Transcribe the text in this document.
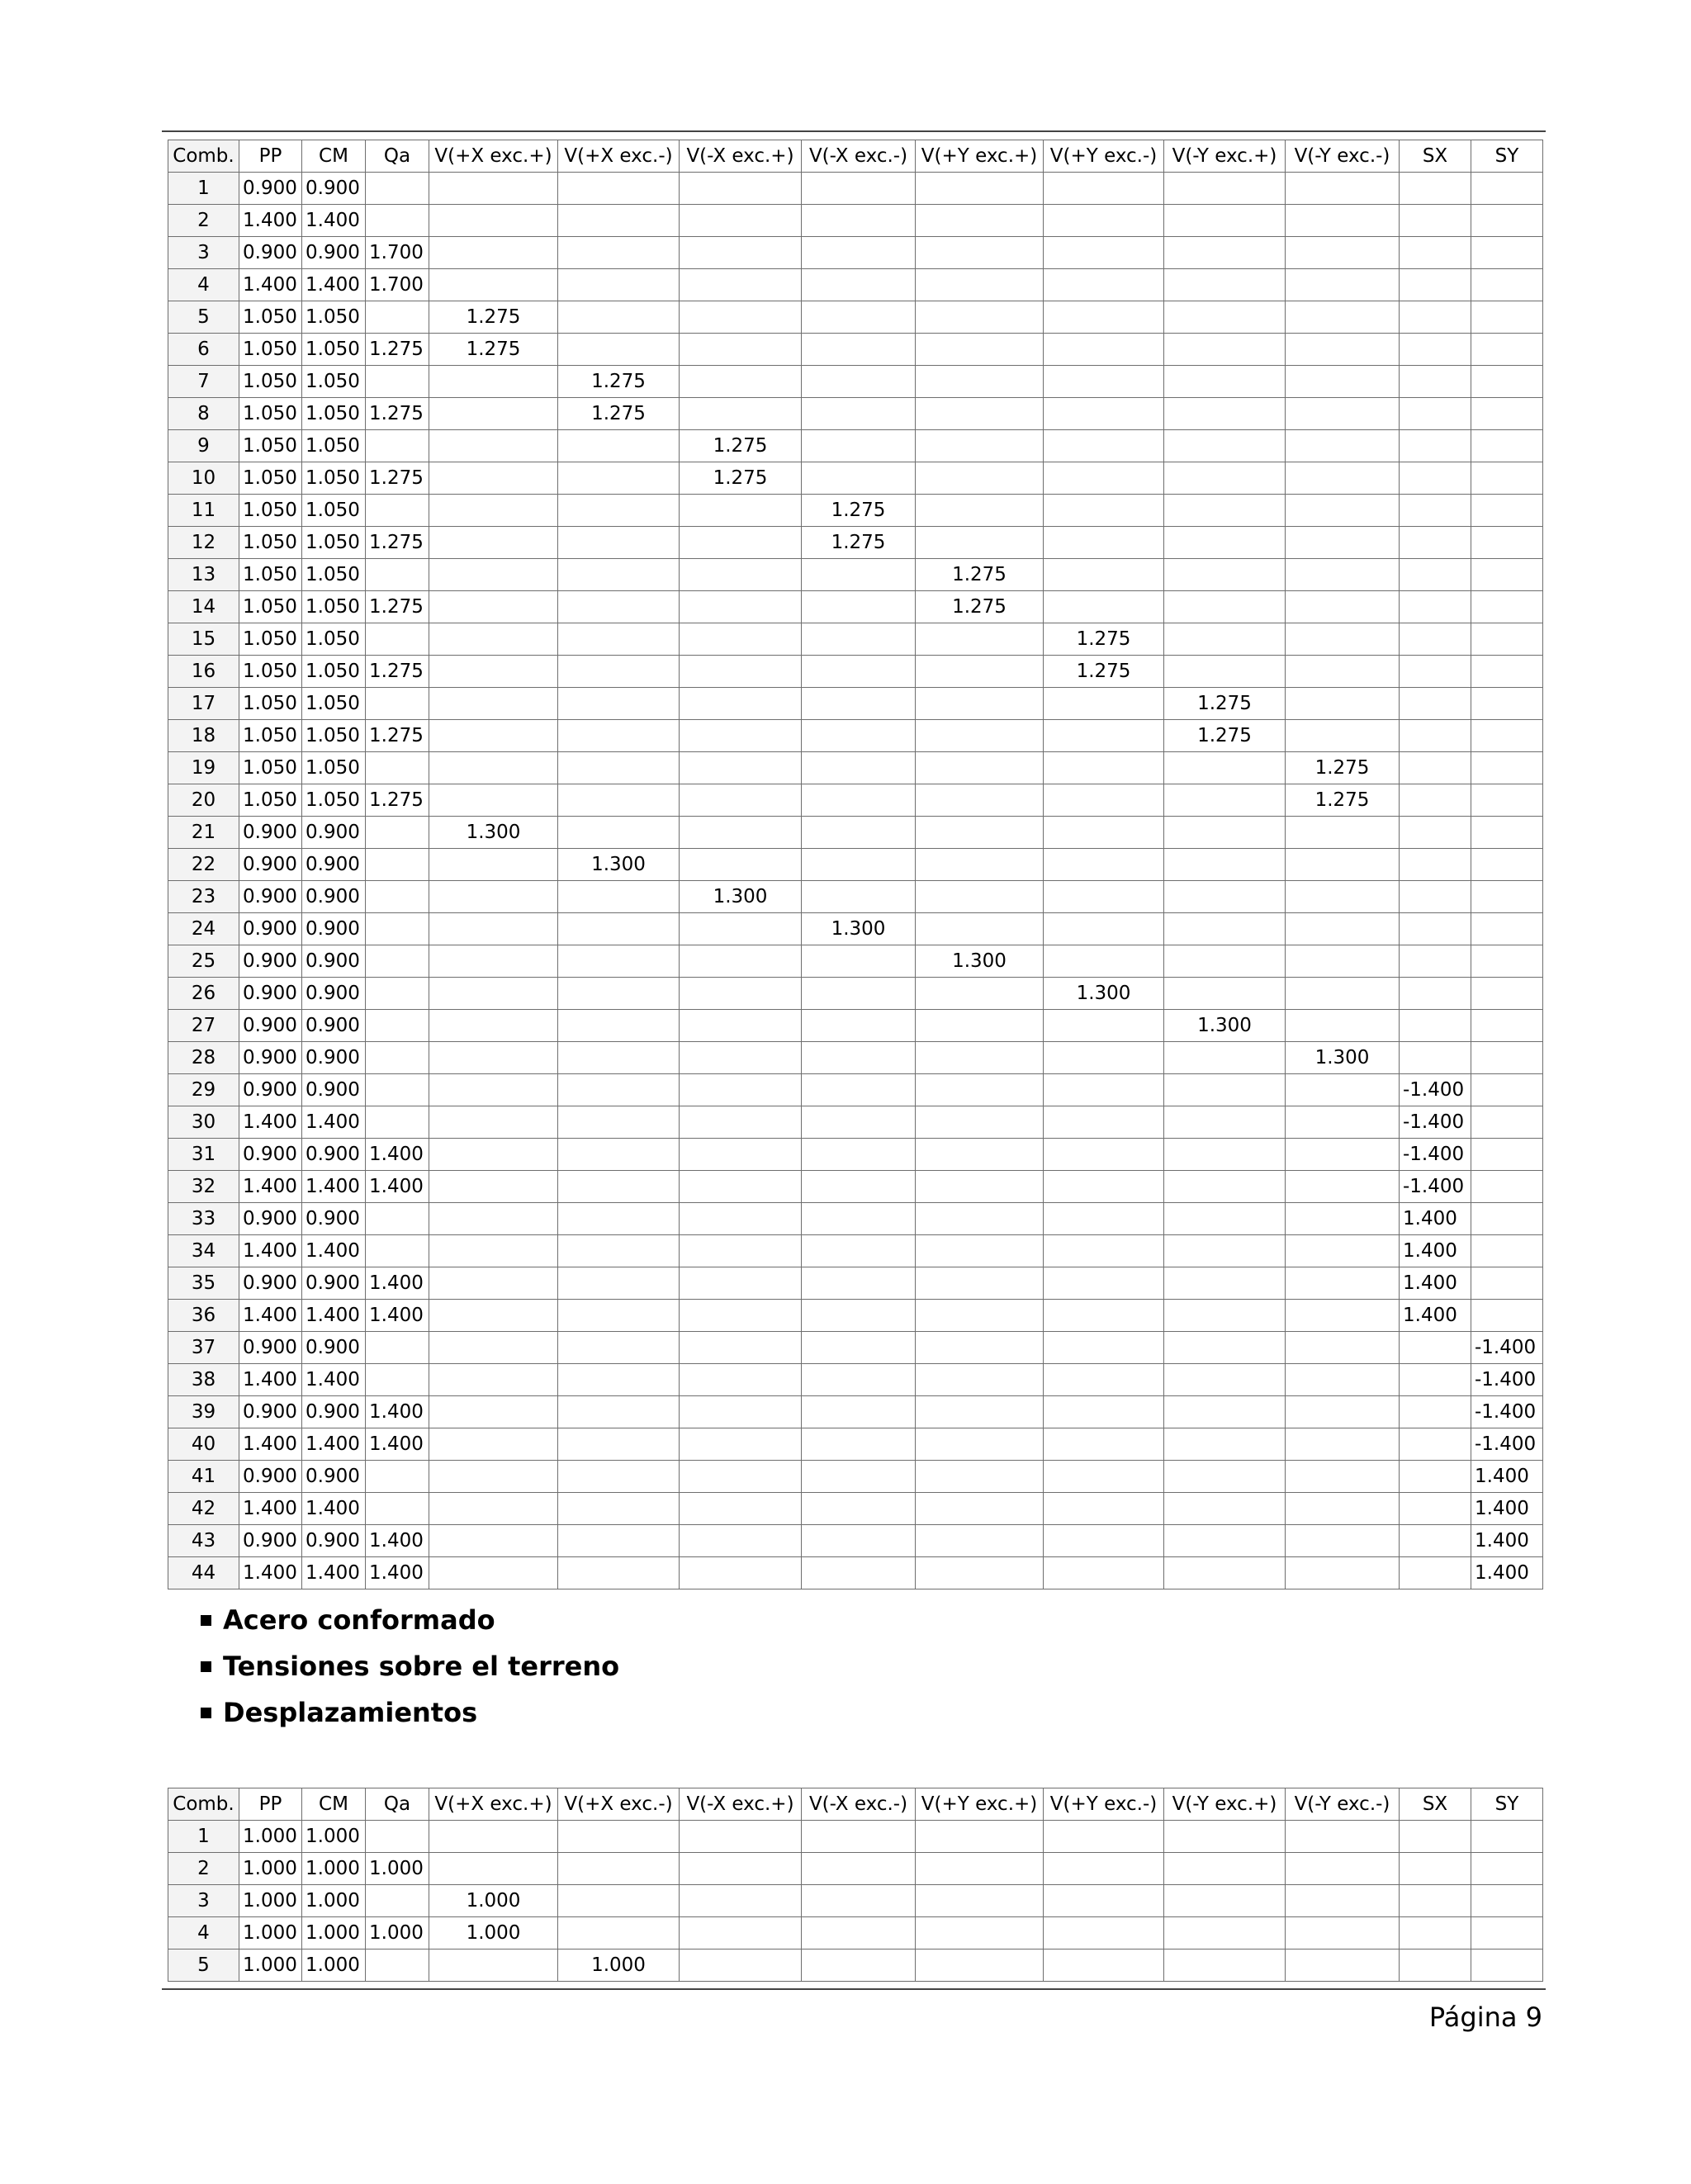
Comb.	PP	CM	Qa	V(+X exc.+)	V(+X exc.-)	V(-X exc.+)	V(-X exc.-)	V(+Y exc.+)	V(+Y exc.-)	V(-Y exc.+)	V(-Y exc.-)	SX	SY
1	0.900	0.900											
2	1.400	1.400											
3	0.900	0.900	1.700										
4	1.400	1.400	1.700										
5	1.050	1.050		1.275									
6	1.050	1.050	1.275	1.275									
7	1.050	1.050			1.275								
8	1.050	1.050	1.275		1.275								
9	1.050	1.050				1.275							
10	1.050	1.050	1.275			1.275							
11	1.050	1.050					1.275						
12	1.050	1.050	1.275				1.275						
13	1.050	1.050						1.275					
14	1.050	1.050	1.275					1.275					
15	1.050	1.050							1.275				
16	1.050	1.050	1.275						1.275				
17	1.050	1.050								1.275			
18	1.050	1.050	1.275							1.275			
19	1.050	1.050									1.275		
20	1.050	1.050	1.275								1.275		
21	0.900	0.900		1.300									
22	0.900	0.900			1.300								
23	0.900	0.900				1.300							
24	0.900	0.900					1.300						
25	0.900	0.900						1.300					
26	0.900	0.900							1.300				
27	0.900	0.900								1.300			
28	0.900	0.900									1.300		
29	0.900	0.900										-1.400	
30	1.400	1.400										-1.400	
31	0.900	0.900	1.400									-1.400	
32	1.400	1.400	1.400									-1.400	
33	0.900	0.900										1.400	
34	1.400	1.400										1.400	
35	0.900	0.900	1.400									1.400	
36	1.400	1.400	1.400									1.400	
37	0.900	0.900											-1.400
38	1.400	1.400											-1.400
39	0.900	0.900	1.400										-1.400
40	1.400	1.400	1.400										-1.400
41	0.900	0.900											1.400
42	1.400	1.400											1.400
43	0.900	0.900	1.400										1.400
44	1.400	1.400	1.400										1.400
Acero conformado
Tensiones sobre el terreno
Desplazamientos
Comb.	PP	CM	Qa	V(+X exc.+)	V(+X exc.-)	V(-X exc.+)	V(-X exc.-)	V(+Y exc.+)	V(+Y exc.-)	V(-Y exc.+)	V(-Y exc.-)	SX	SY
1	1.000	1.000											
2	1.000	1.000	1.000										
3	1.000	1.000		1.000									
4	1.000	1.000	1.000	1.000									
5	1.000	1.000			1.000								
Página 9
